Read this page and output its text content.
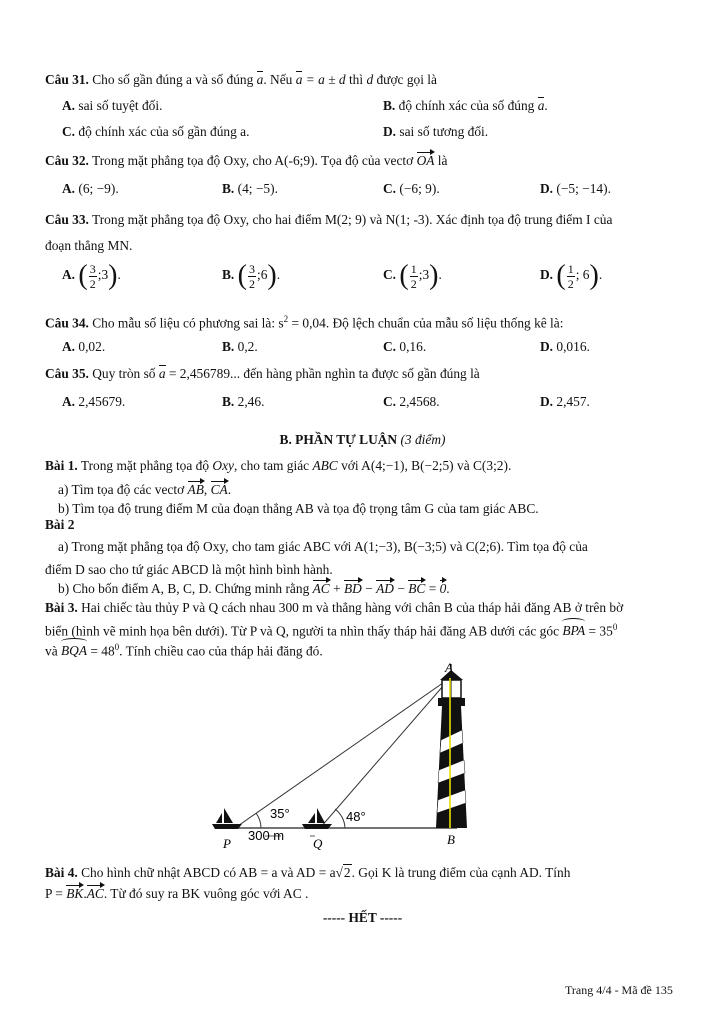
Câu 31. Cho số gần đúng a và số đúng a. Nếu a = a ± d thì d được gọi là
A. sai số tuyệt đối.	B. độ chính xác của số đúng a.
C. độ chính xác của số gần đúng a.	D. sai số tương đối.
Câu 32. Trong mặt phẳng tọa độ Oxy, cho A(-6;9). Tọa độ của vectơ OA là
A. (6; −9).	B. (4; −5).	C. (−6; 9).	D. (−5; −14).
Câu 33. Trong mặt phẳng tọa độ Oxy, cho hai điểm M(2; 9) và N(1; -3). Xác định tọa độ trung điểm I của
đoạn thẳng MN.
A. ( $\frac{3}{2}$ ;3).	B. ( $\frac{3}{2}$ ;6).	C. ( $\frac{1}{2}$ ;3).	D. ( $\frac{1}{2}$ ; 6).
Câu 34. Cho mẫu số liệu có phương sai là: $s^2 = 0,04$. Độ lệch chuẩn của mẫu số liệu thống kê là:
A. 0,02.	B. 0,2.	C. 0,16.	D. 0,016.
Câu 35. Quy tròn số a = 2,456789... đến hàng phần nghìn ta được số gần đúng là
A. 2,45679.	B. 2,46.	C. 2,4568.	D. 2,457.
B. PHẦN TỰ LUẬN (3 điểm)
Bài 1. Trong mặt phẳng tọa độ Oxy, cho tam giác ABC với A(4;−1), B(−2;5) và C(3;2).
a) Tìm tọa độ các vectơ AB, CA.
b) Tìm tọa độ trung điểm M của đoạn thẳng AB và tọa độ trọng tâm G của tam giác ABC.
Bài 2
a) Trong mặt phẳng tọa độ Oxy, cho tam giác ABC với A(1;−3), B(−3;5) và C(2;6). Tìm tọa độ của
điểm D sao cho tứ giác ABCD là một hình bình hành.
b) Cho bốn điểm A, B, C, D. Chứng minh rằng AC + BD − AD − BC = 0.
Bài 3. Hai chiếc tàu thủy P và Q cách nhau 300 m và thẳng hàng với chân B của tháp hải đăng AB ở trên bờ
biển (hình vẽ minh họa bên dưới). Từ P và Q, người ta nhìn thấy tháp hải đăng AB dưới các góc BPA = $35^0$
và BQA = $48^0$. Tính chiều cao của tháp hải đăng đó.
35°	48°
300 m
A
B
P	Q
Bài 4. Cho hình chữ nhật ABCD có AB = a và AD = a√2. Gọi K là trung điểm của cạnh AD. Tính
P = BK.AC. Từ đó suy ra BK vuông góc với AC .
----- HẾT -----
Trang 4/4 - Mã đề 135
